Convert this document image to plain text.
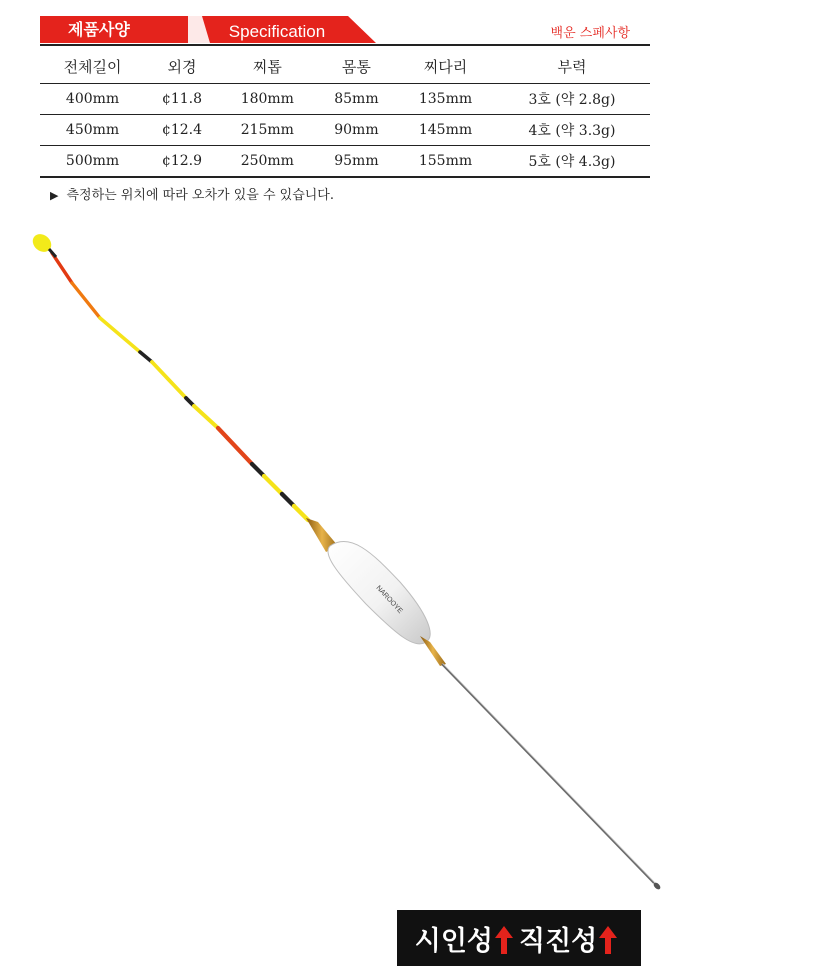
제품사양	Specification	백운 스페사항
전체길이	외경	찌톱	몸통	찌다리	부력
400mm	¢11.8	180mm	85mm	135mm	3호 (약 2.8g)
450mm	¢12.4	215mm	90mm	145mm	4호 (약 3.3g)
500mm	¢12.9	250mm	95mm	155mm	5호 (약 4.3g)
▶ 측정하는 위치에 따라 오차가 있을 수 있습니다.
NAROOYE
시인성 직진성
